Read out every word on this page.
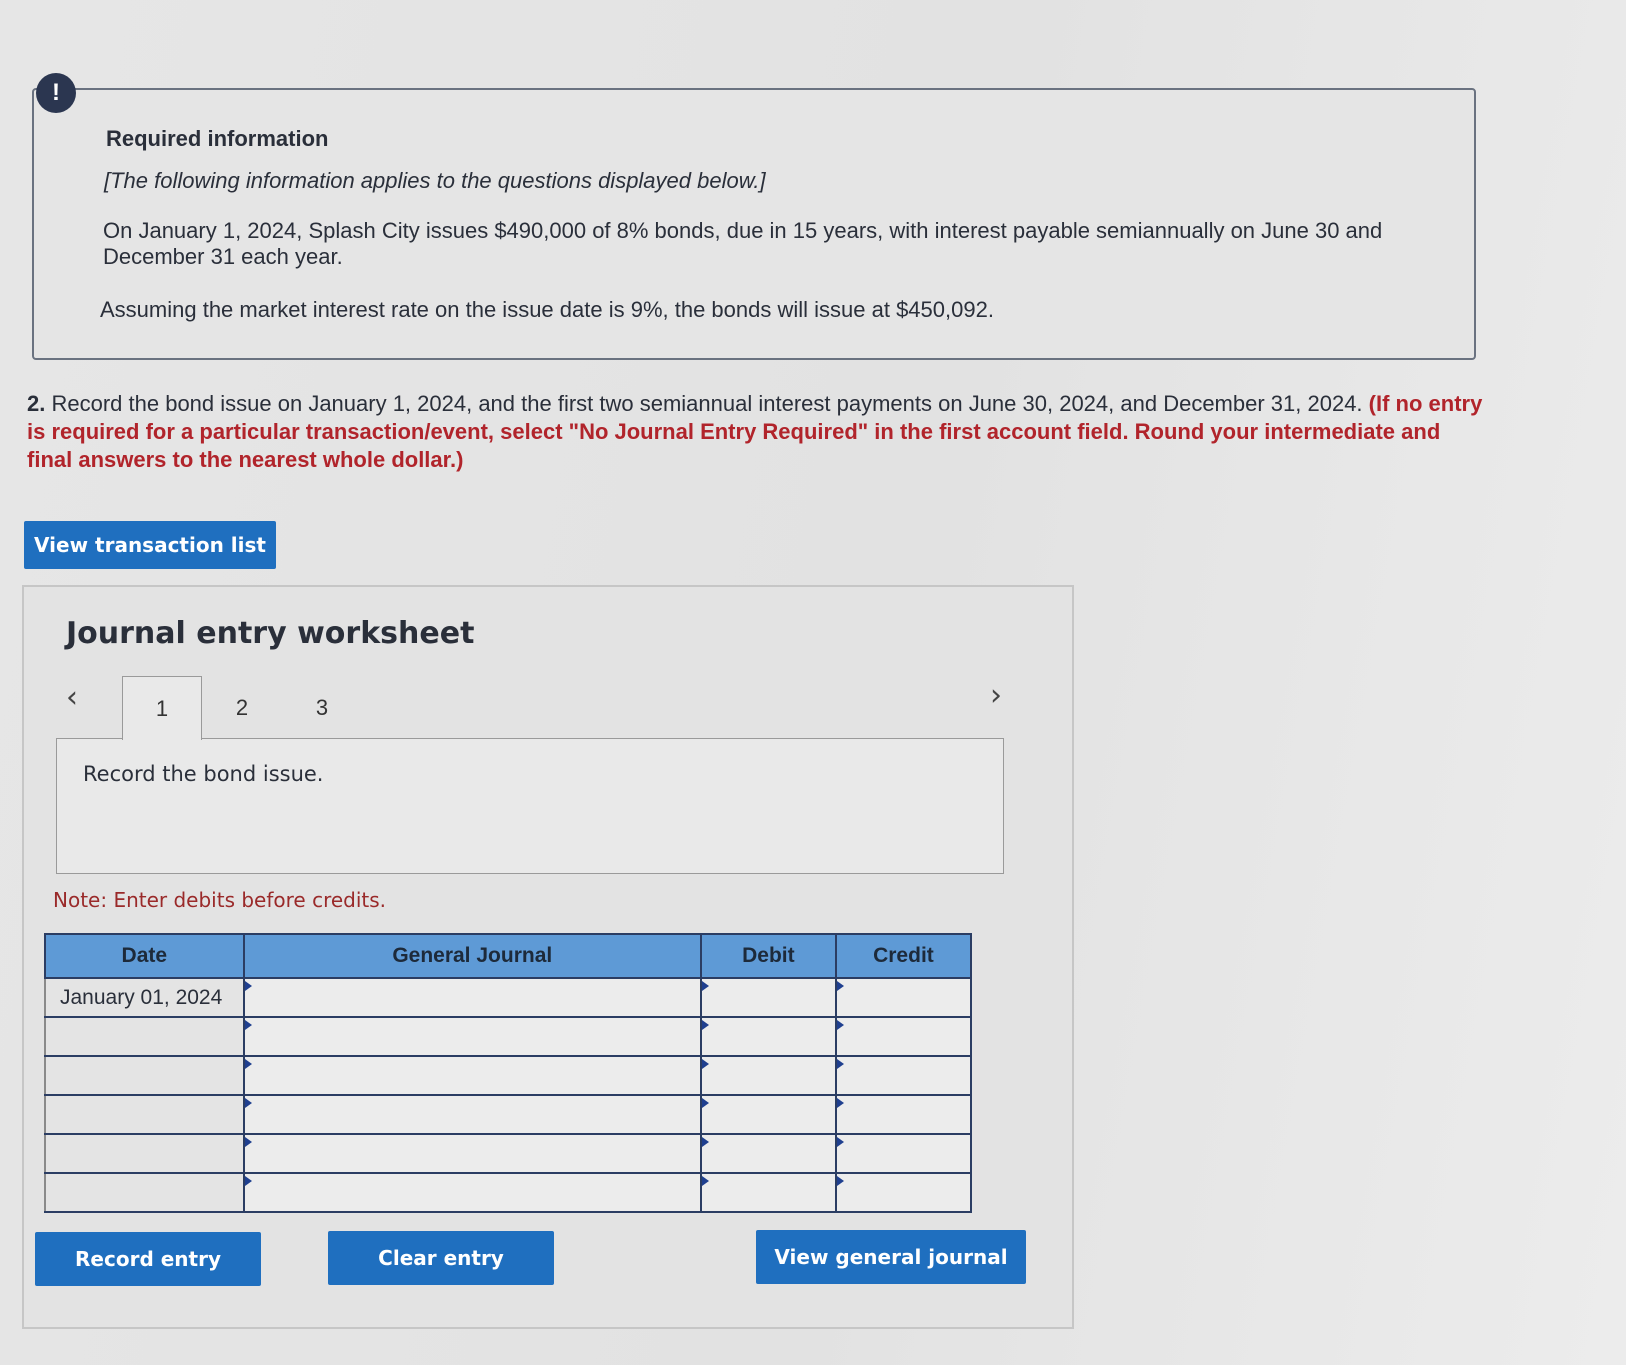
!
Required information
[The following information applies to the questions displayed below.]
On January 1, 2024, Splash City issues $490,000 of 8% bonds, due in 15 years, with interest payable semiannually on June 30 and December 31 each year.
Assuming the market interest rate on the issue date is 9%, the bonds will issue at $450,092.
2. Record the bond issue on January 1, 2024, and the first two semiannual interest payments on June 30, 2024, and December 31, 2024. (If no entry is required for a particular transaction/event, select "No Journal Entry Required" in the first account field. Round your intermediate and final answers to the nearest whole dollar.)
View transaction list
Journal entry worksheet
‹	1	2	3	›
Record the bond issue.
Note: Enter debits before credits.
Date	General Journal	Debit	Credit
January 01, 2024			

Record entry	Clear entry	View general journal
